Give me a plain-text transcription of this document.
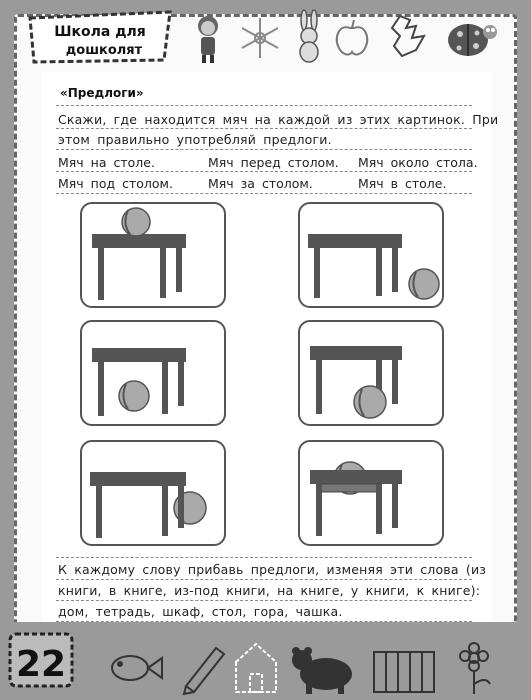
Школа для
дошколят
«Предлоги»
Скажи, где находится мяч на каждой из этих картинок. При
этом правильно употребляй предлоги.
Мяч на столе.	Мяч перед столом. Мяч около стола.
Мяч под столом.	Мяч за столом.	Мяч в столе.
К каждому слову прибавь предлоги, изменяя эти слова (из
книги, в книге, из-под книги, на книге, у книги, к книге):
дом, тетрадь, шкаф, стол, гора, чашка.
22
